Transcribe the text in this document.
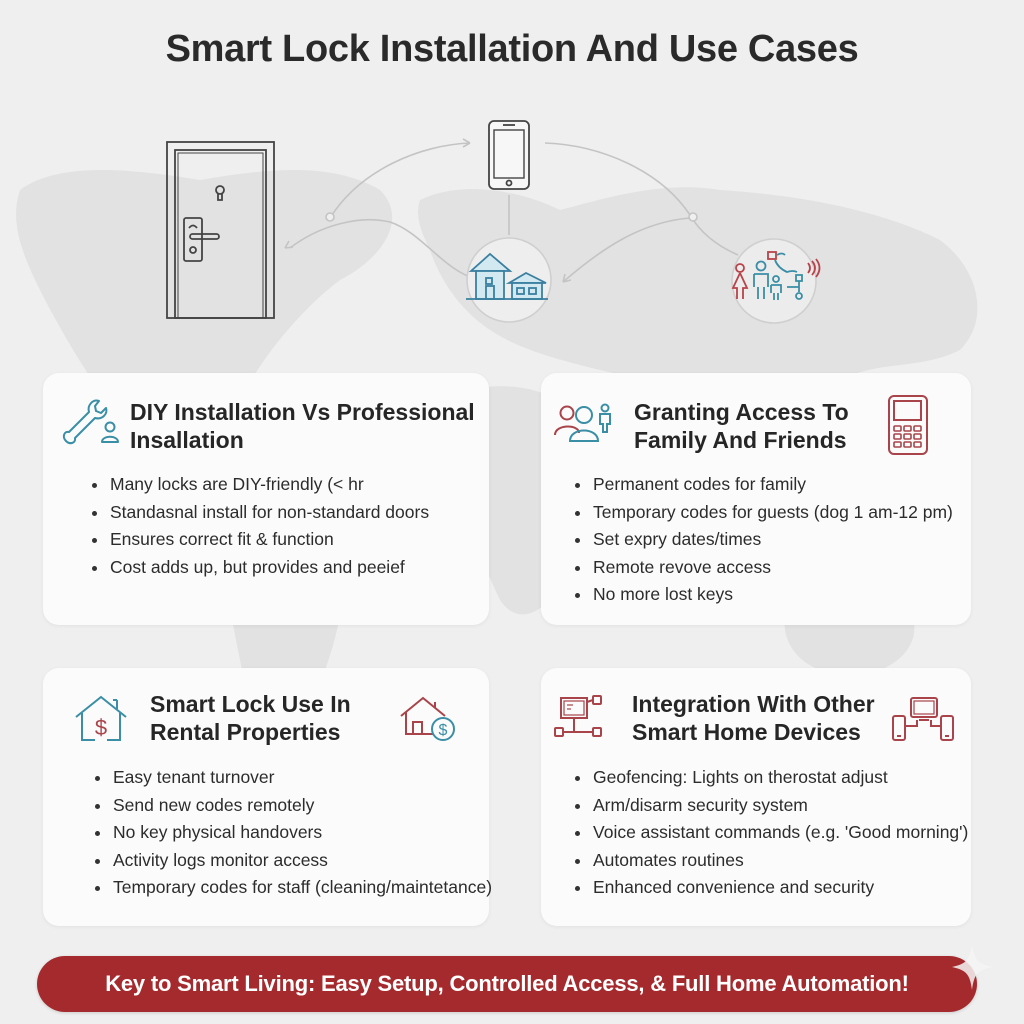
Smart Lock Installation And Use Cases
DIY Installation Vs Professional
Insallation
Many locks are DIY-friendly (< hr
Standasnal install for non-standard doors
Ensures correct fit & function
Cost adds up, but provides and peeief
Granting Access To
Family And Friends
Permanent codes for family
Temporary codes for guests (dog 1 am-12 pm)
Set expry dates/times
Remote revove access
No more lost keys
$
Smart Lock Use In
Rental Properties	$
Easy tenant turnover
Send new codes remotely
No key physical handovers
Activity logs monitor access
Temporary codes for staff (cleaning/maintetance)
Integration With Other
Smart Home Devices
Geofencing: Lights on therostat adjust
Arm/disarm security system
Voice assistant commands (e.g. 'Good morning')
Automates routines
Enhanced convenience and security
Key to Smart Living: Easy Setup, Controlled Access, & Full Home Automation!
